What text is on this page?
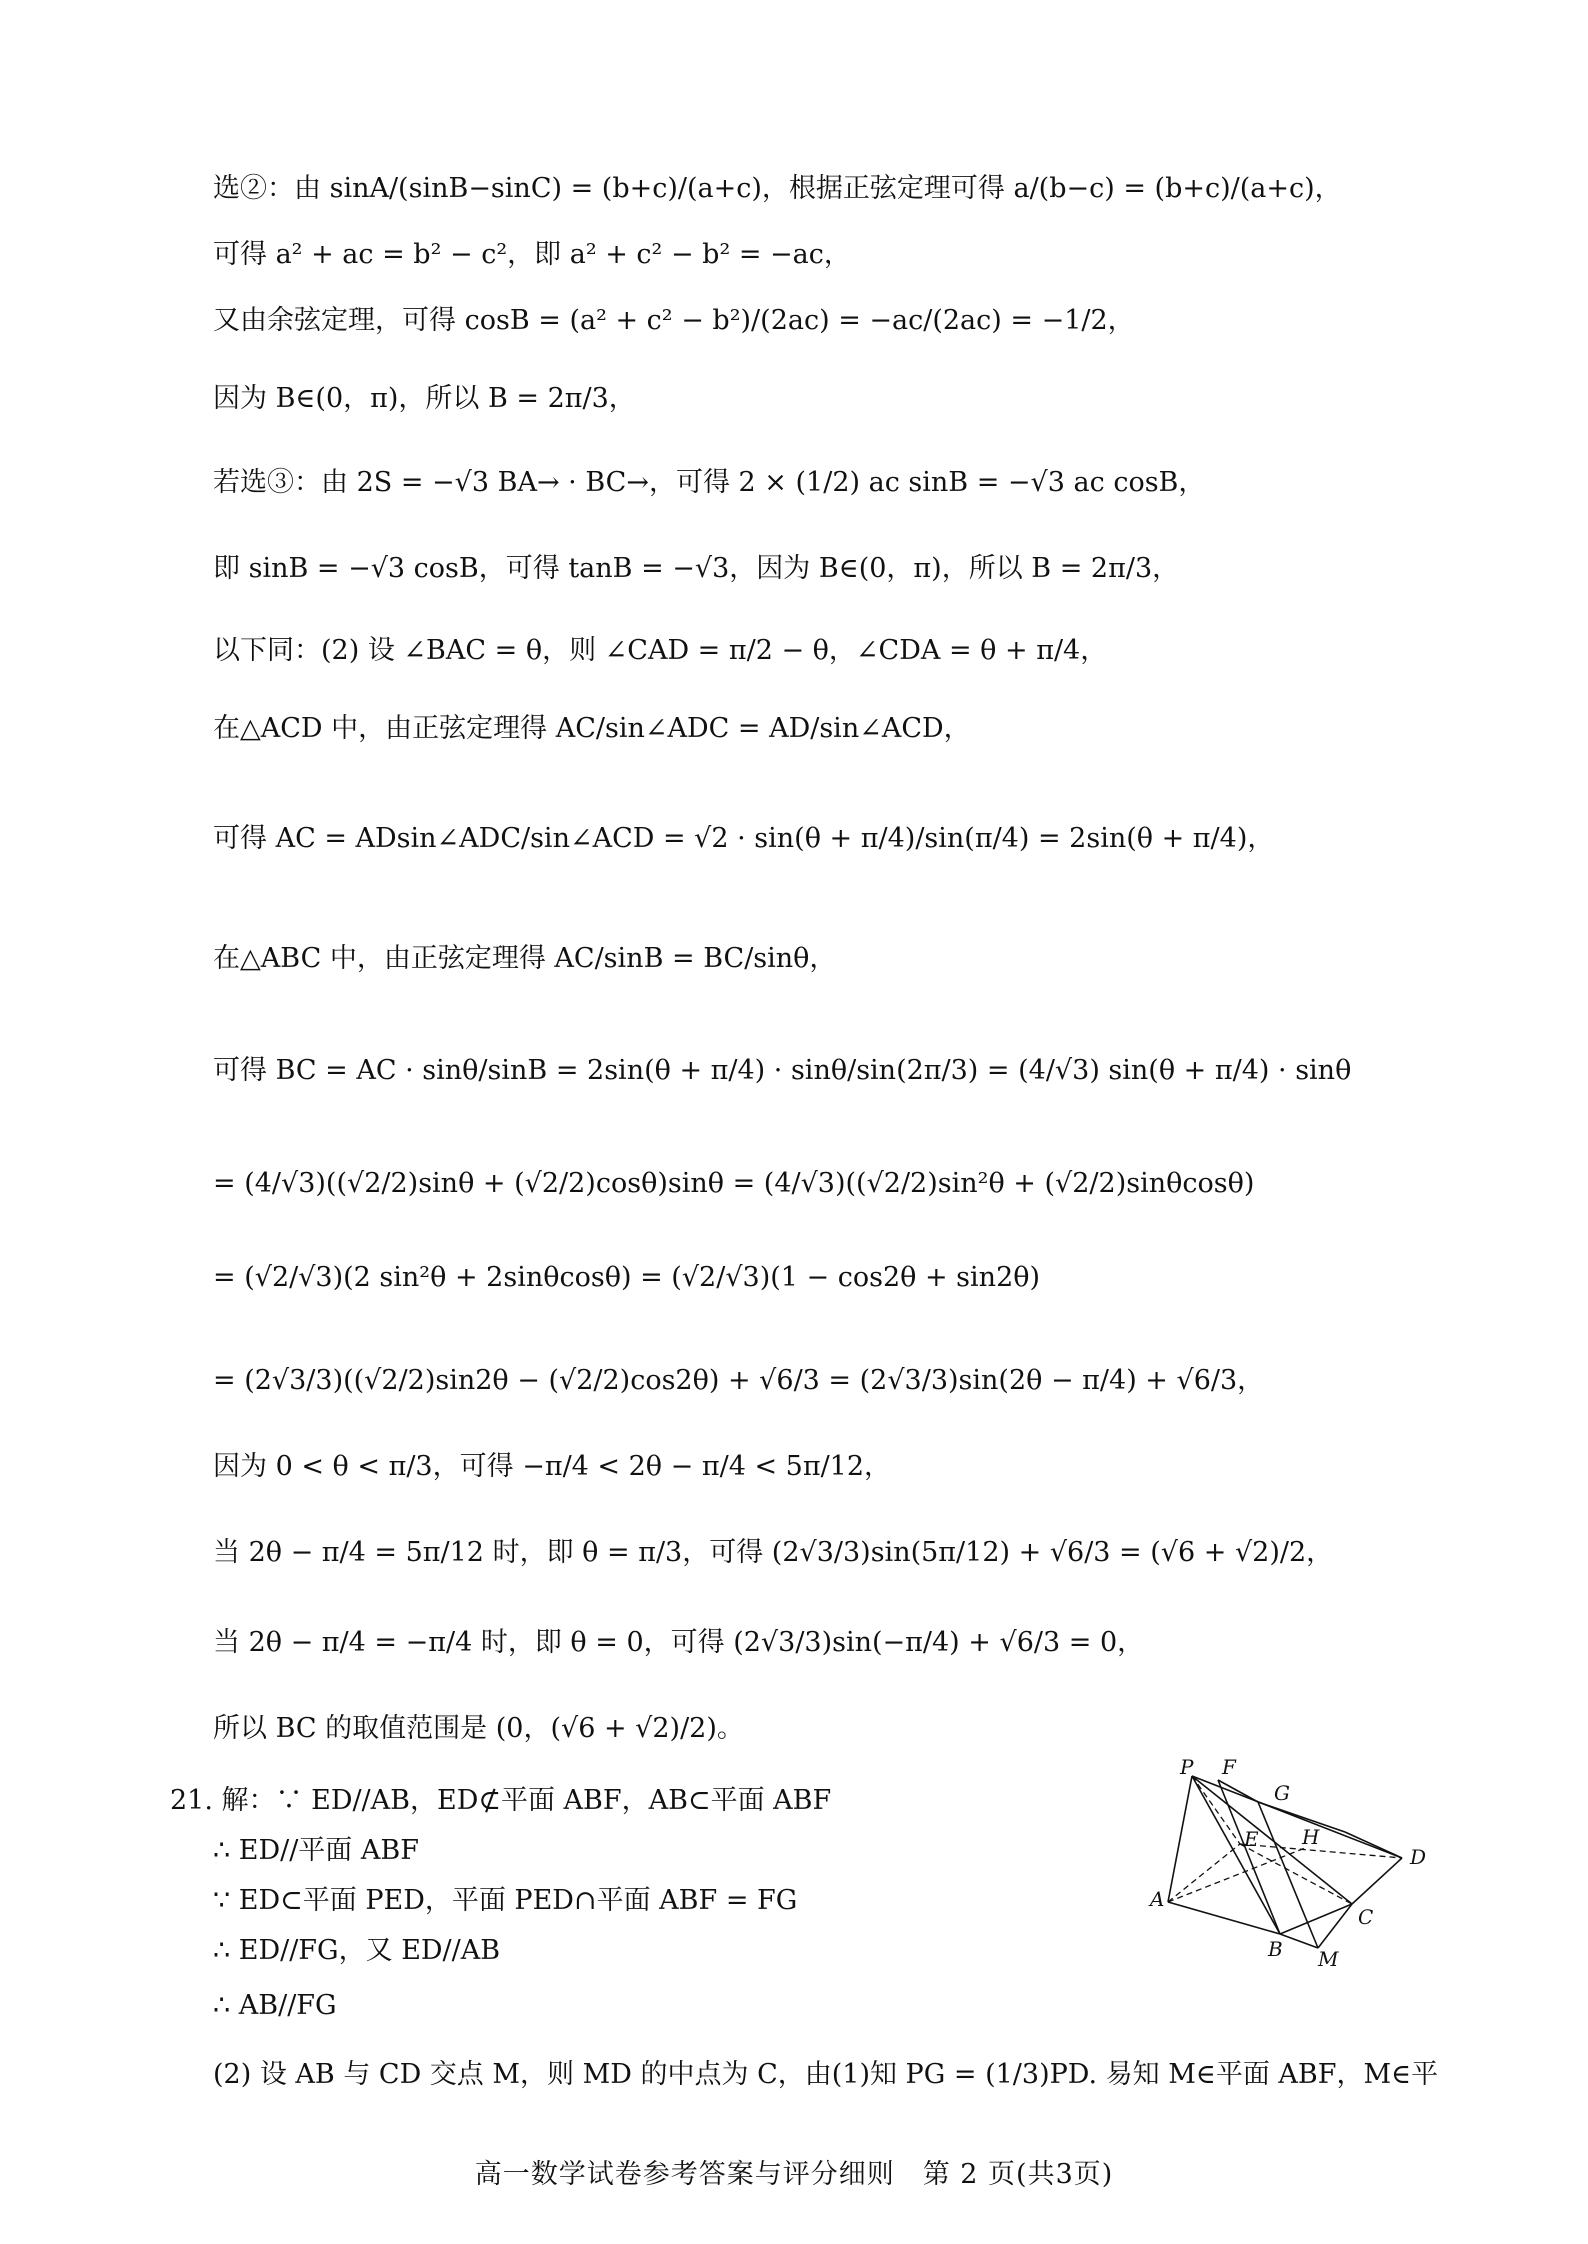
选②：由 sinA/(sinB−sinC) = (b+c)/(a+c)，根据正弦定理可得 a/(b−c) = (b+c)/(a+c)，
可得 a² + ac = b² − c²，即 a² + c² − b² = −ac，
又由余弦定理，可得 cosB = (a² + c² − b²)/(2ac) = −ac/(2ac) = −1/2，
因为 B∈(0，π)，所以 B = 2π/3，
若选③：由 2S = −√3 BA→ · BC→，可得 2 × (1/2) ac sinB = −√3 ac cosB，
即 sinB = −√3 cosB，可得 tanB = −√3，因为 B∈(0，π)，所以 B = 2π/3，
以下同：(2) 设 ∠BAC = θ，则 ∠CAD = π/2 − θ，∠CDA = θ + π/4，
在△ACD 中，由正弦定理得 AC/sin∠ADC = AD/sin∠ACD，
可得 AC = ADsin∠ADC/sin∠ACD = √2 · sin(θ + π/4)/sin(π/4) = 2sin(θ + π/4)，
在△ABC 中，由正弦定理得 AC/sinB = BC/sinθ，
可得 BC = AC · sinθ/sinB = 2sin(θ + π/4) · sinθ/sin(2π/3) = (4/√3) sin(θ + π/4) · sinθ
= (4/√3)((√2/2)sinθ + (√2/2)cosθ)sinθ = (4/√3)((√2/2)sin²θ + (√2/2)sinθcosθ)
= (√2/√3)(2 sin²θ + 2sinθcosθ) = (√2/√3)(1 − cos2θ + sin2θ)
= (2√3/3)((√2/2)sin2θ − (√2/2)cos2θ) + √6/3 = (2√3/3)sin(2θ − π/4) + √6/3，
因为 0 < θ < π/3，可得 −π/4 < 2θ − π/4 < 5π/12，
当 2θ − π/4 = 5π/12 时，即 θ = π/3，可得 (2√3/3)sin(5π/12) + √6/3 = (√6 + √2)/2，
当 2θ − π/4 = −π/4 时，即 θ = 0，可得 (2√3/3)sin(−π/4) + √6/3 = 0，
所以 BC 的取值范围是 (0，(√6 + √2)/2)。
21. 解：∵ ED//AB，ED⊄平面 ABF，AB⊂平面 ABF
∴ ED//平面 ABF
∵ ED⊂平面 PED，平面 PED∩平面 ABF = FG
∴ ED//FG，又 ED//AB
∴ AB//FG
(2) 设 AB 与 CD 交点 M，则 MD 的中点为 C，由(1)知 PG = (1/3)PD. 易知 M∈平面 ABF，M∈平
P F
G
E H
D
A
C
B M
高一数学试卷参考答案与评分细则　第 2 页(共3页)
